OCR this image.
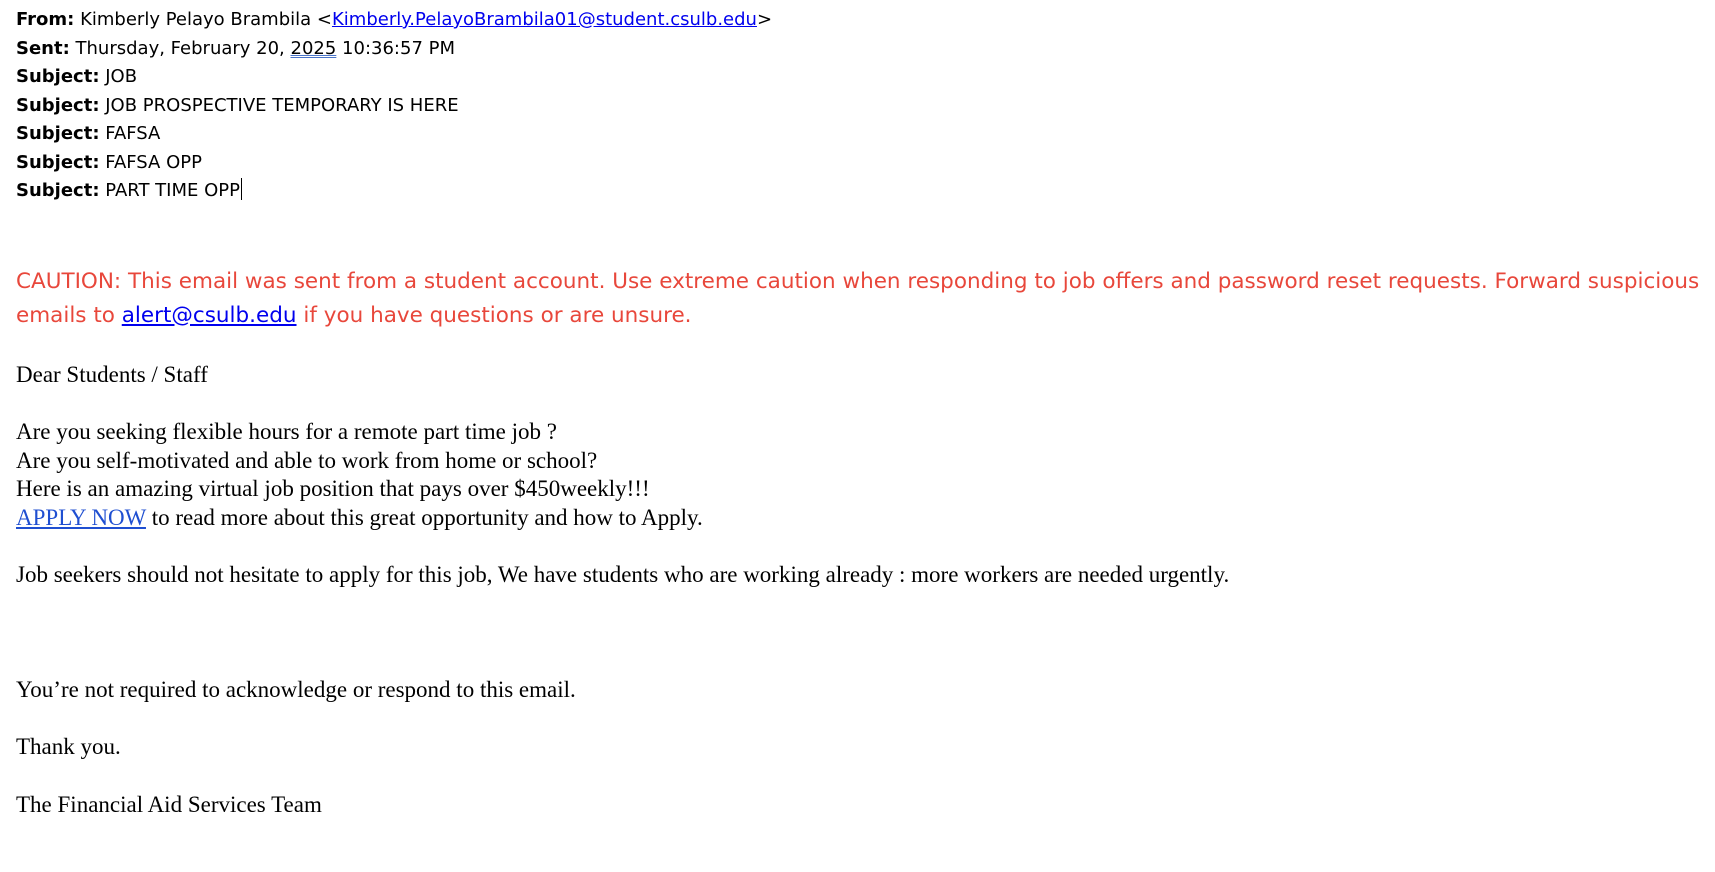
From: Kimberly Pelayo Brambila <Kimberly.PelayoBrambila01@student.csulb.edu>
Sent: Thursday, February 20, 2025 10:36:57 PM
Subject: JOB
Subject: JOB PROSPECTIVE TEMPORARY IS HERE
Subject: FAFSA
Subject: FAFSA OPP
Subject: PART TIME OPP
CAUTION: This email was sent from a student account. Use extreme caution when responding to job offers and password reset requests. Forward suspicious emails to alert@csulb.edu if you have questions or are unsure.
Dear Students / Staff
Are you seeking flexible hours for a remote part time job ?
Are you self-motivated and able to work from home or school?
Here is an amazing virtual job position that pays over $450weekly!!!
APPLY NOW to read more about this great opportunity and how to Apply.
Job seekers should not hesitate to apply for this job, We have students who are working already : more workers are needed urgently.
You’re not required to acknowledge or respond to this email.
Thank you.
The Financial Aid Services Team
